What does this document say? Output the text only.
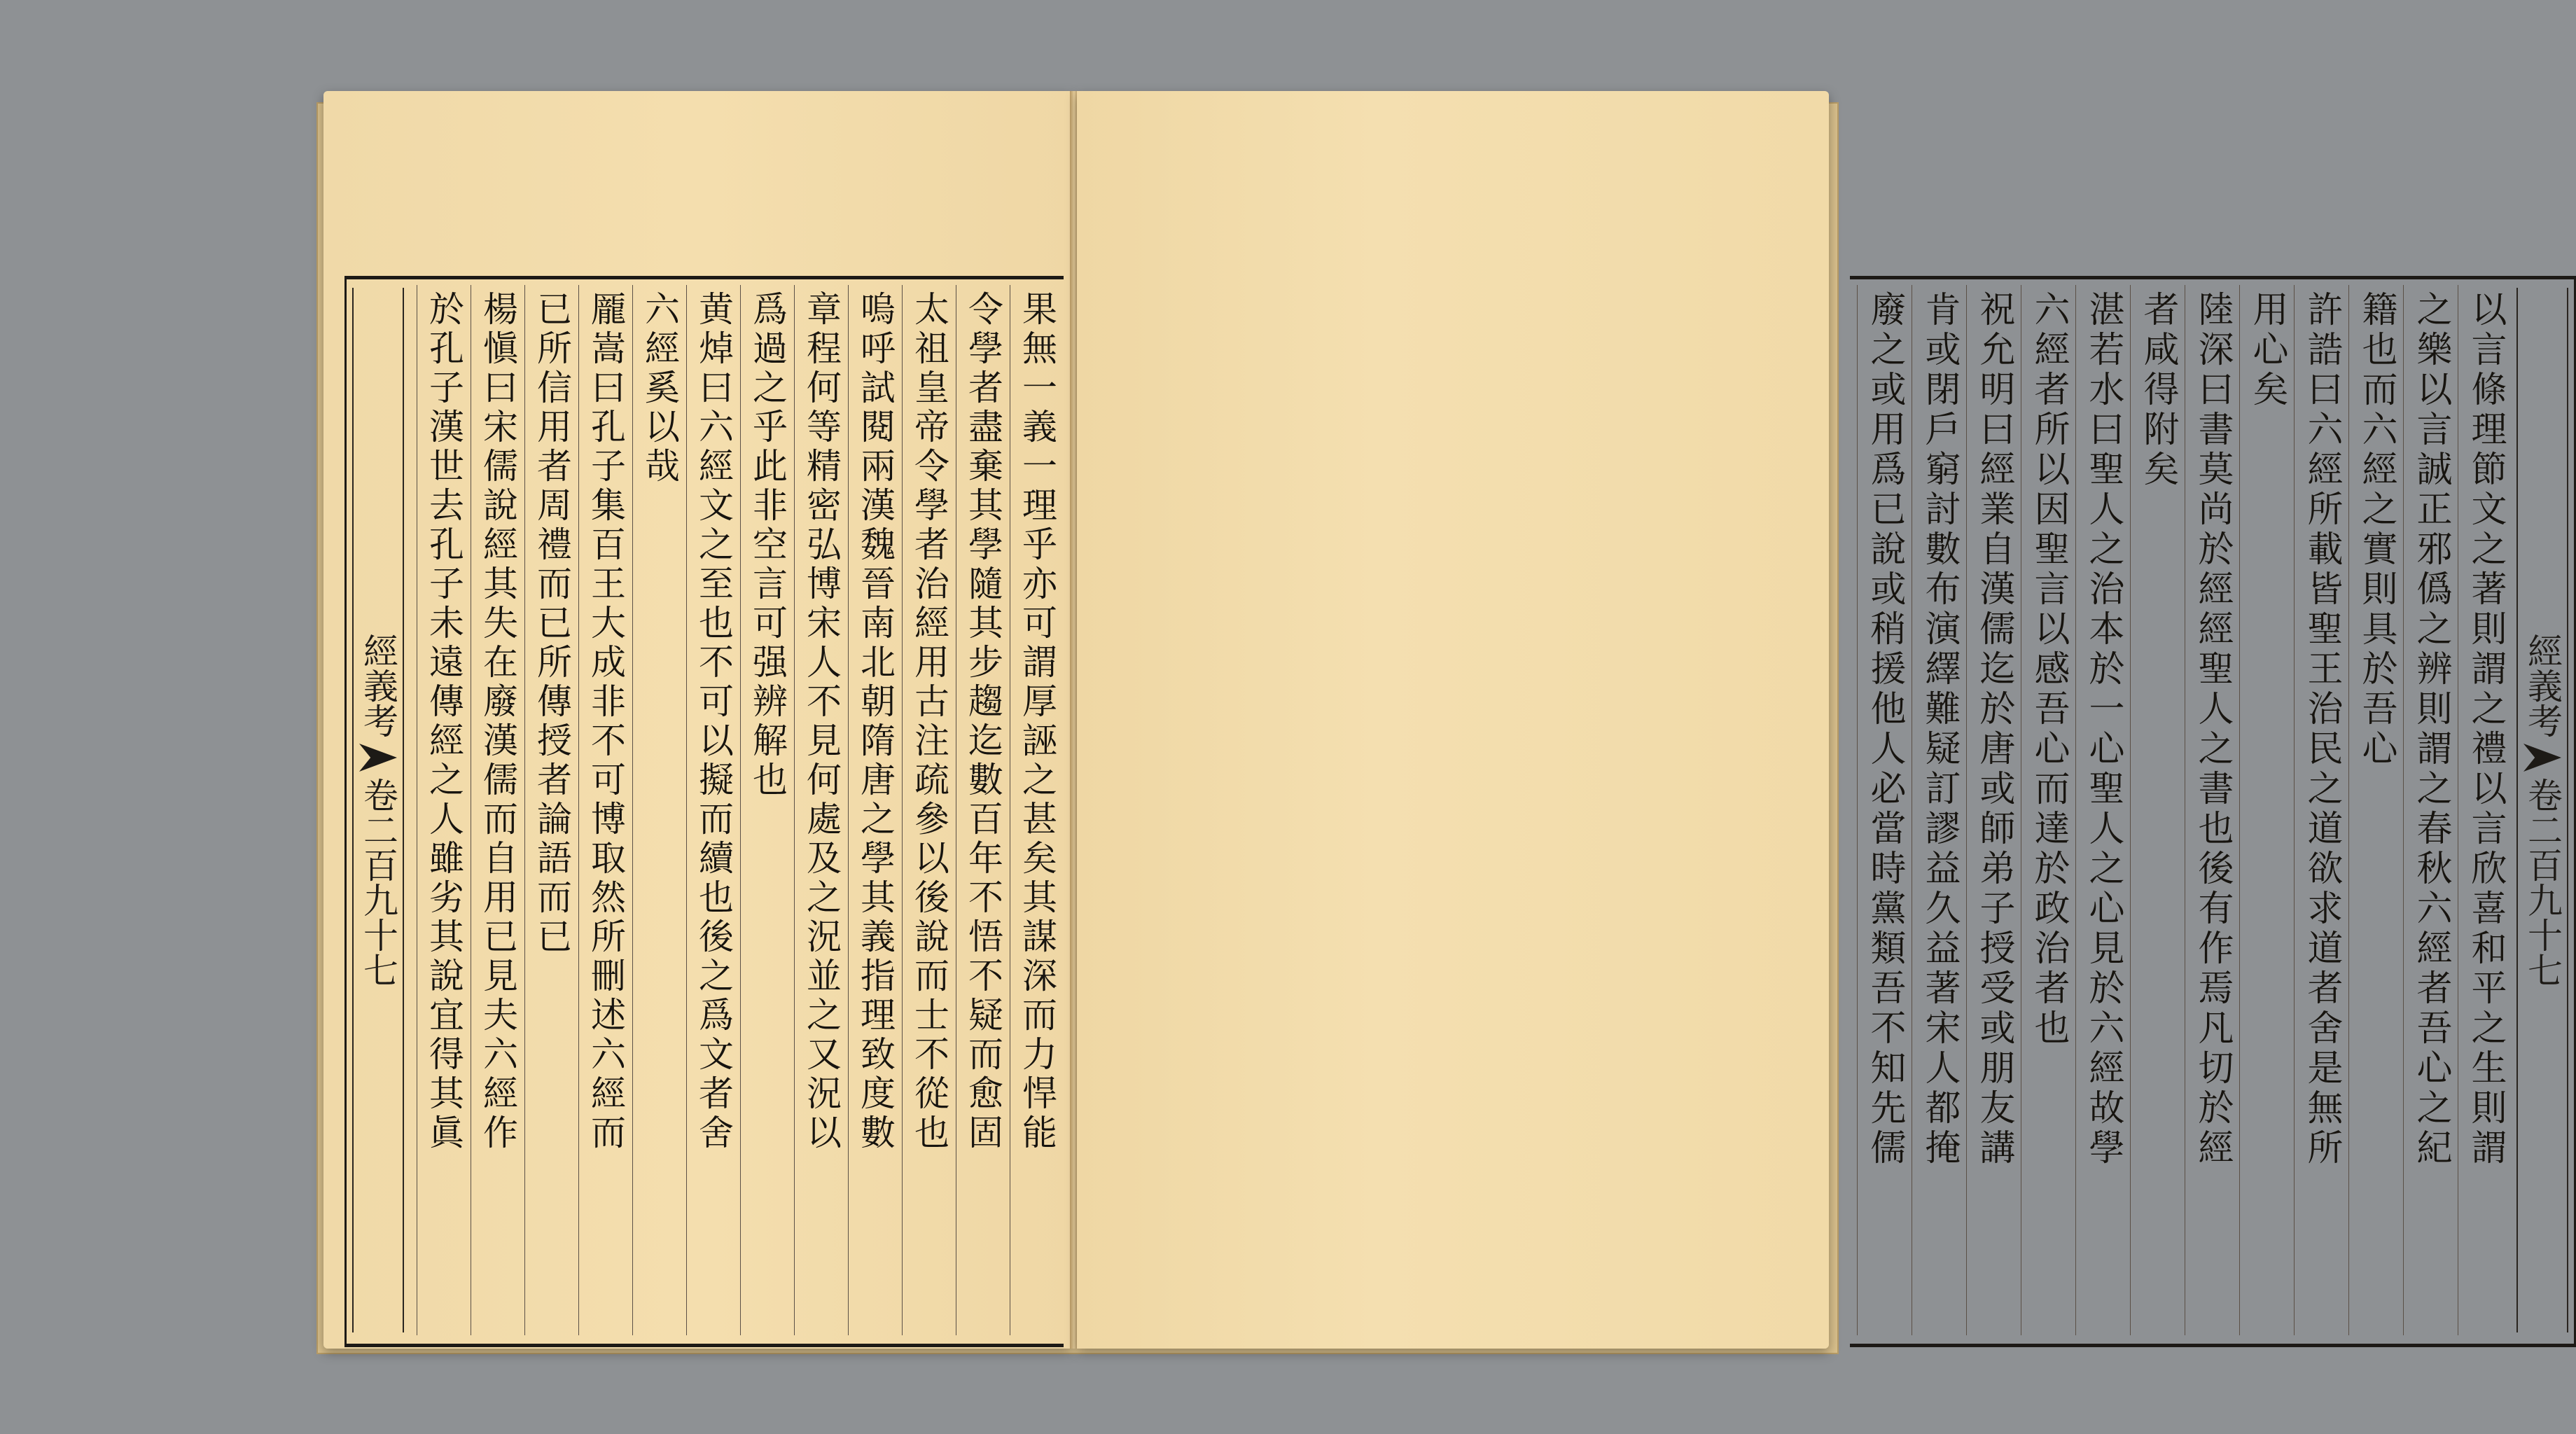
經義考卷二百九十七	果無一義一理乎亦可謂厚誣之甚矣其謀深而力悍能
令學者盡棄其學隨其步趨迄數百年不悟不疑而愈固
太祖皇帝令學者治經用古注疏參以後說而士不從也
嗚呼試閱兩漢魏晉南北朝隋唐之學其義指理致度數
章程何等精密弘博宋人不見何處及之況並之又況以
爲過之乎此非空言可强辨解也
黄焯曰六經文之至也不可以擬而續也後之爲文者舍
六經奚以哉
龎嵩曰孔子集百王大成非不可博取然所刪述六經而
已所信用者周禮而已所傳授者論語而已
楊愼曰宋儒說經其失在廢漢儒而自用已見夫六經作
於孔子漢世去孔子未遠傳經之人雖劣其說宜得其眞	經義考卷二百九十七
以言條理節文之著則謂之禮以言欣喜和平之生則謂
之樂以言誠正邪僞之辨則謂之春秋六經者吾心之紀
籍也而六經之實則具於吾心
許誥曰六經所載皆聖王治民之道欲求道者舍是無所
用心矣
陸深曰書莫尚於經經聖人之書也後有作焉凡切於經
者咸得附矣
湛若水曰聖人之治本於一心聖人之心見於六經故學
六經者所以因聖言以感吾心而達於政治者也
祝允明曰經業自漢儒迄於唐或師弟子授受或朋友講
肯或閉戶窮討數布演繹難疑訂謬益久益著宋人都掩
廢之或用爲已說或稍援他人必當時黨類吾不知先儒
